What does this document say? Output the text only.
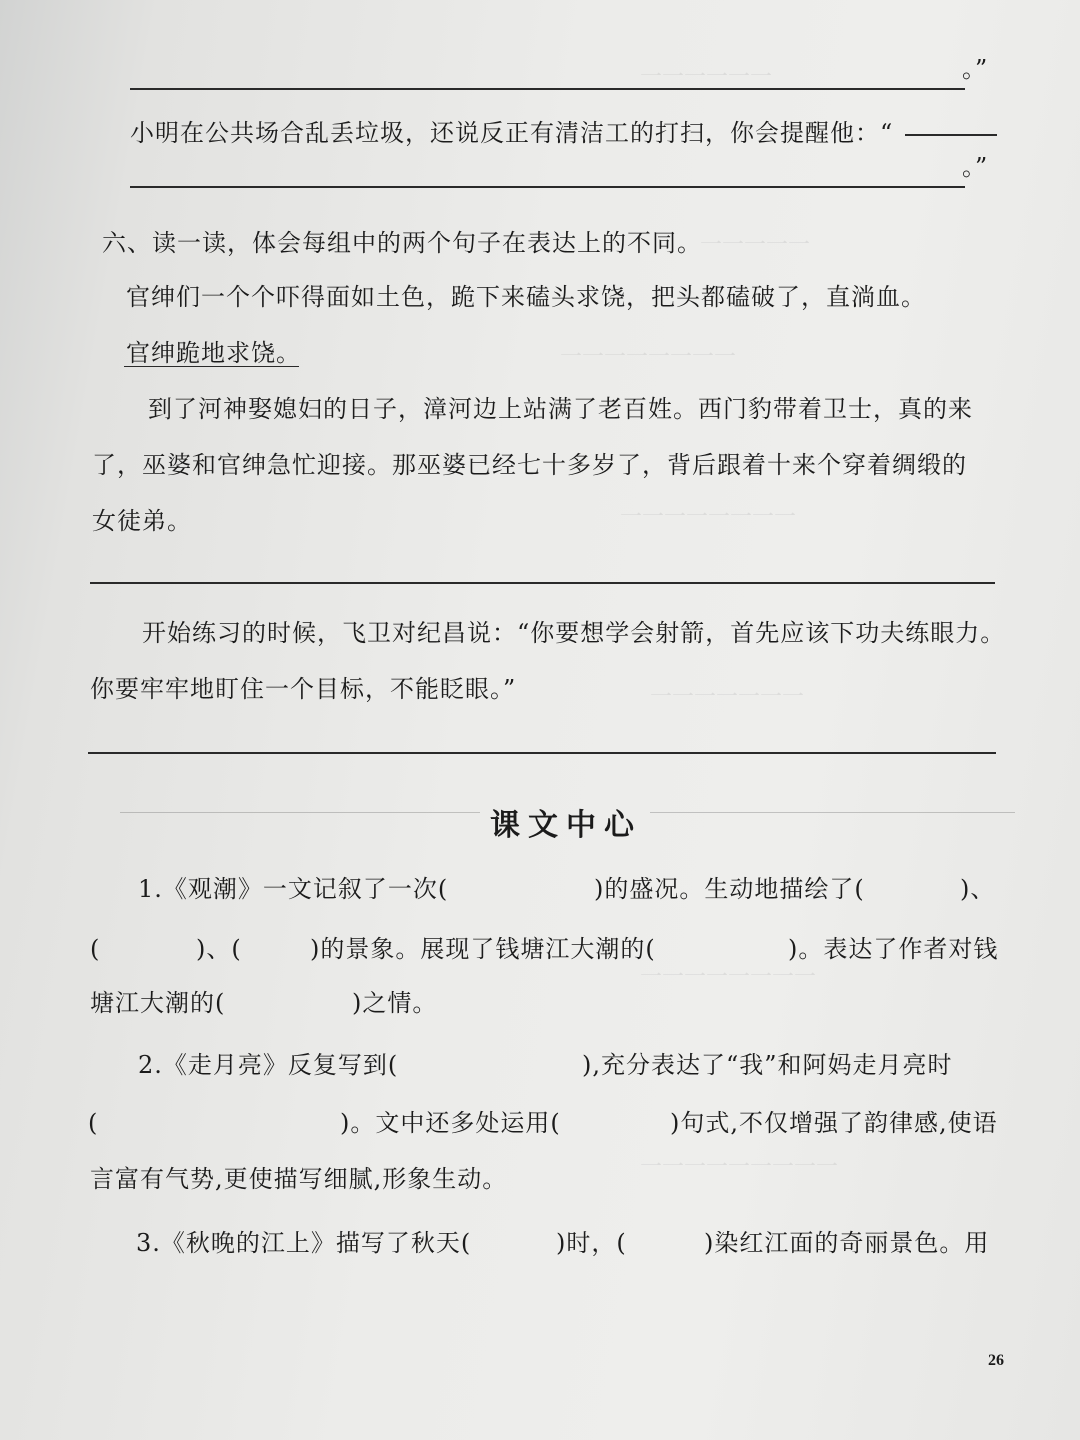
一一一一一一
一一一一一
一一一一一一一一
一一一一一一一一
一一一一一一一
一一一一一一一一
一一一一一一一一一
。”
小明在公共场合乱丢垃圾，还说反正有清洁工的打扫，你会提醒他：“
。”
六、读一读，体会每组中的两个句子在表达上的不同。
官绅们一个个吓得面如土色，跪下来磕头求饶，把头都磕破了，直淌血。
官绅跪地求饶。
到了河神娶媳妇的日子，漳河边上站满了老百姓。西门豹带着卫士，真的来
了，巫婆和官绅急忙迎接。那巫婆已经七十多岁了，背后跟着十来个穿着绸缎的
女徒弟。
开始练习的时候，飞卫对纪昌说：“你要想学会射箭，首先应该下功夫练眼力。
你要牢牢地盯住一个目标，不能眨眼。”
课文中心
1.《观潮》一文记叙了一次(	)的盛况。生动地描绘了(	)、
(	)、(	)的景象。展现了钱塘江大潮的(	)。表达了作者对钱
塘江大潮的(	)之情。
2.《走月亮》反复写到(	),充分表达了“我”和阿妈走月亮时
(	)。文中还多处运用(	)句式,不仅增强了韵律感,使语
言富有气势,更使描写细腻,形象生动。
3.《秋晚的江上》描写了秋天(	)时，(	)染红江面的奇丽景色。用
26
